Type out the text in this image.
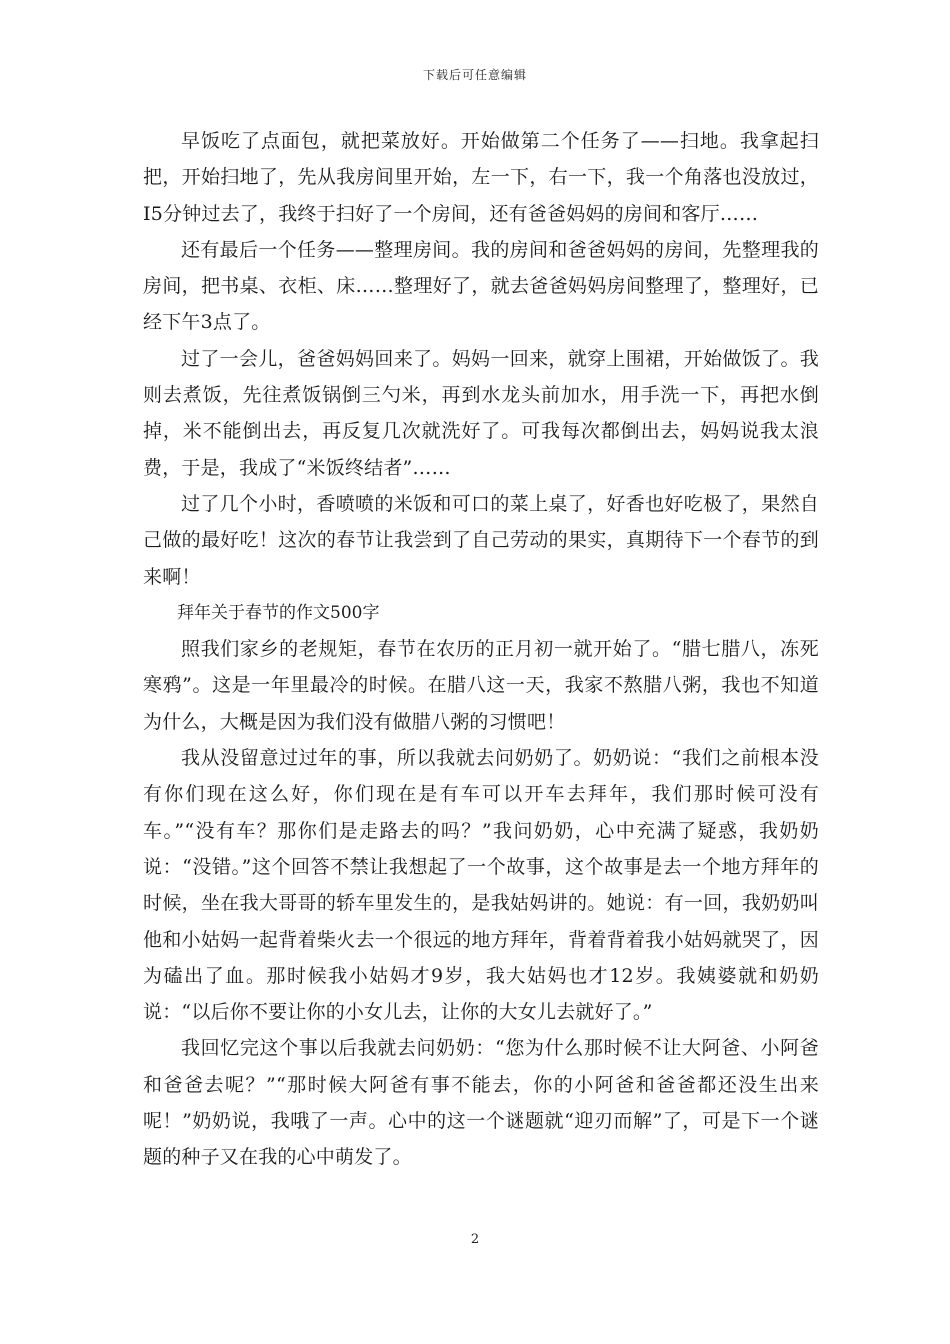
下载后可任意编辑

早饭吃了点面包，就把菜放好。开始做第二个任务了——扫地。我拿起扫把，开始扫地了，先从我房间里开始，左一下，右一下，我一个角落也没放过，I5分钟过去了，我终于扫好了一个房间，还有爸爸妈妈的房间和客厅……

还有最后一个任务——整理房间。我的房间和爸爸妈妈的房间，先整理我的房间，把书桌、衣柜、床……整理好了，就去爸爸妈妈房间整理了，整理好，已经下午3点了。

过了一会儿，爸爸妈妈回来了。妈妈一回来，就穿上围裙，开始做饭了。我则去煮饭，先往煮饭锅倒三勺米，再到水龙头前加水，用手洗一下，再把水倒掉，米不能倒出去，再反复几次就洗好了。可我每次都倒出去，妈妈说我太浪费，于是，我成了“米饭终结者”……

过了几个小时，香喷喷的米饭和可口的菜上桌了，好香也好吃极了，果然自己做的最好吃！这次的春节让我尝到了自己劳动的果实，真期待下一个春节的到来啊！

拜年关于春节的作文500字

照我们家乡的老规矩，春节在农历的正月初一就开始了。“腊七腊八，冻死寒鸦”。这是一年里最冷的时候。在腊八这一天，我家不熬腊八粥，我也不知道为什么，大概是因为我们没有做腊八粥的习惯吧！

我从没留意过过年的事，所以我就去问奶奶了。奶奶说：“我们之前根本没有你们现在这么好，你们现在是有车可以开车去拜年，我们那时候可没有车。”“没有车？那你们是走路去的吗？”我问奶奶，心中充满了疑惑，我奶奶说：“没错。”这个回答不禁让我想起了一个故事，这个故事是去一个地方拜年的时候，坐在我大哥哥的轿车里发生的，是我姑妈讲的。她说：有一回，我奶奶叫他和小姑妈一起背着柴火去一个很远的地方拜年，背着背着我小姑妈就哭了，因为磕出了血。那时候我小姑妈才9岁，我大姑妈也才12岁。我姨婆就和奶奶说：“以后你不要让你的小女儿去，让你的大女儿去就好了。”

我回忆完这个事以后我就去问奶奶：“您为什么那时候不让大阿爸、小阿爸和爸爸去呢？”“那时候大阿爸有事不能去，你的小阿爸和爸爸都还没生出来呢！”奶奶说，我哦了一声。心中的这一个谜题就“迎刃而解”了，可是下一个谜题的种子又在我的心中萌发了。

2
